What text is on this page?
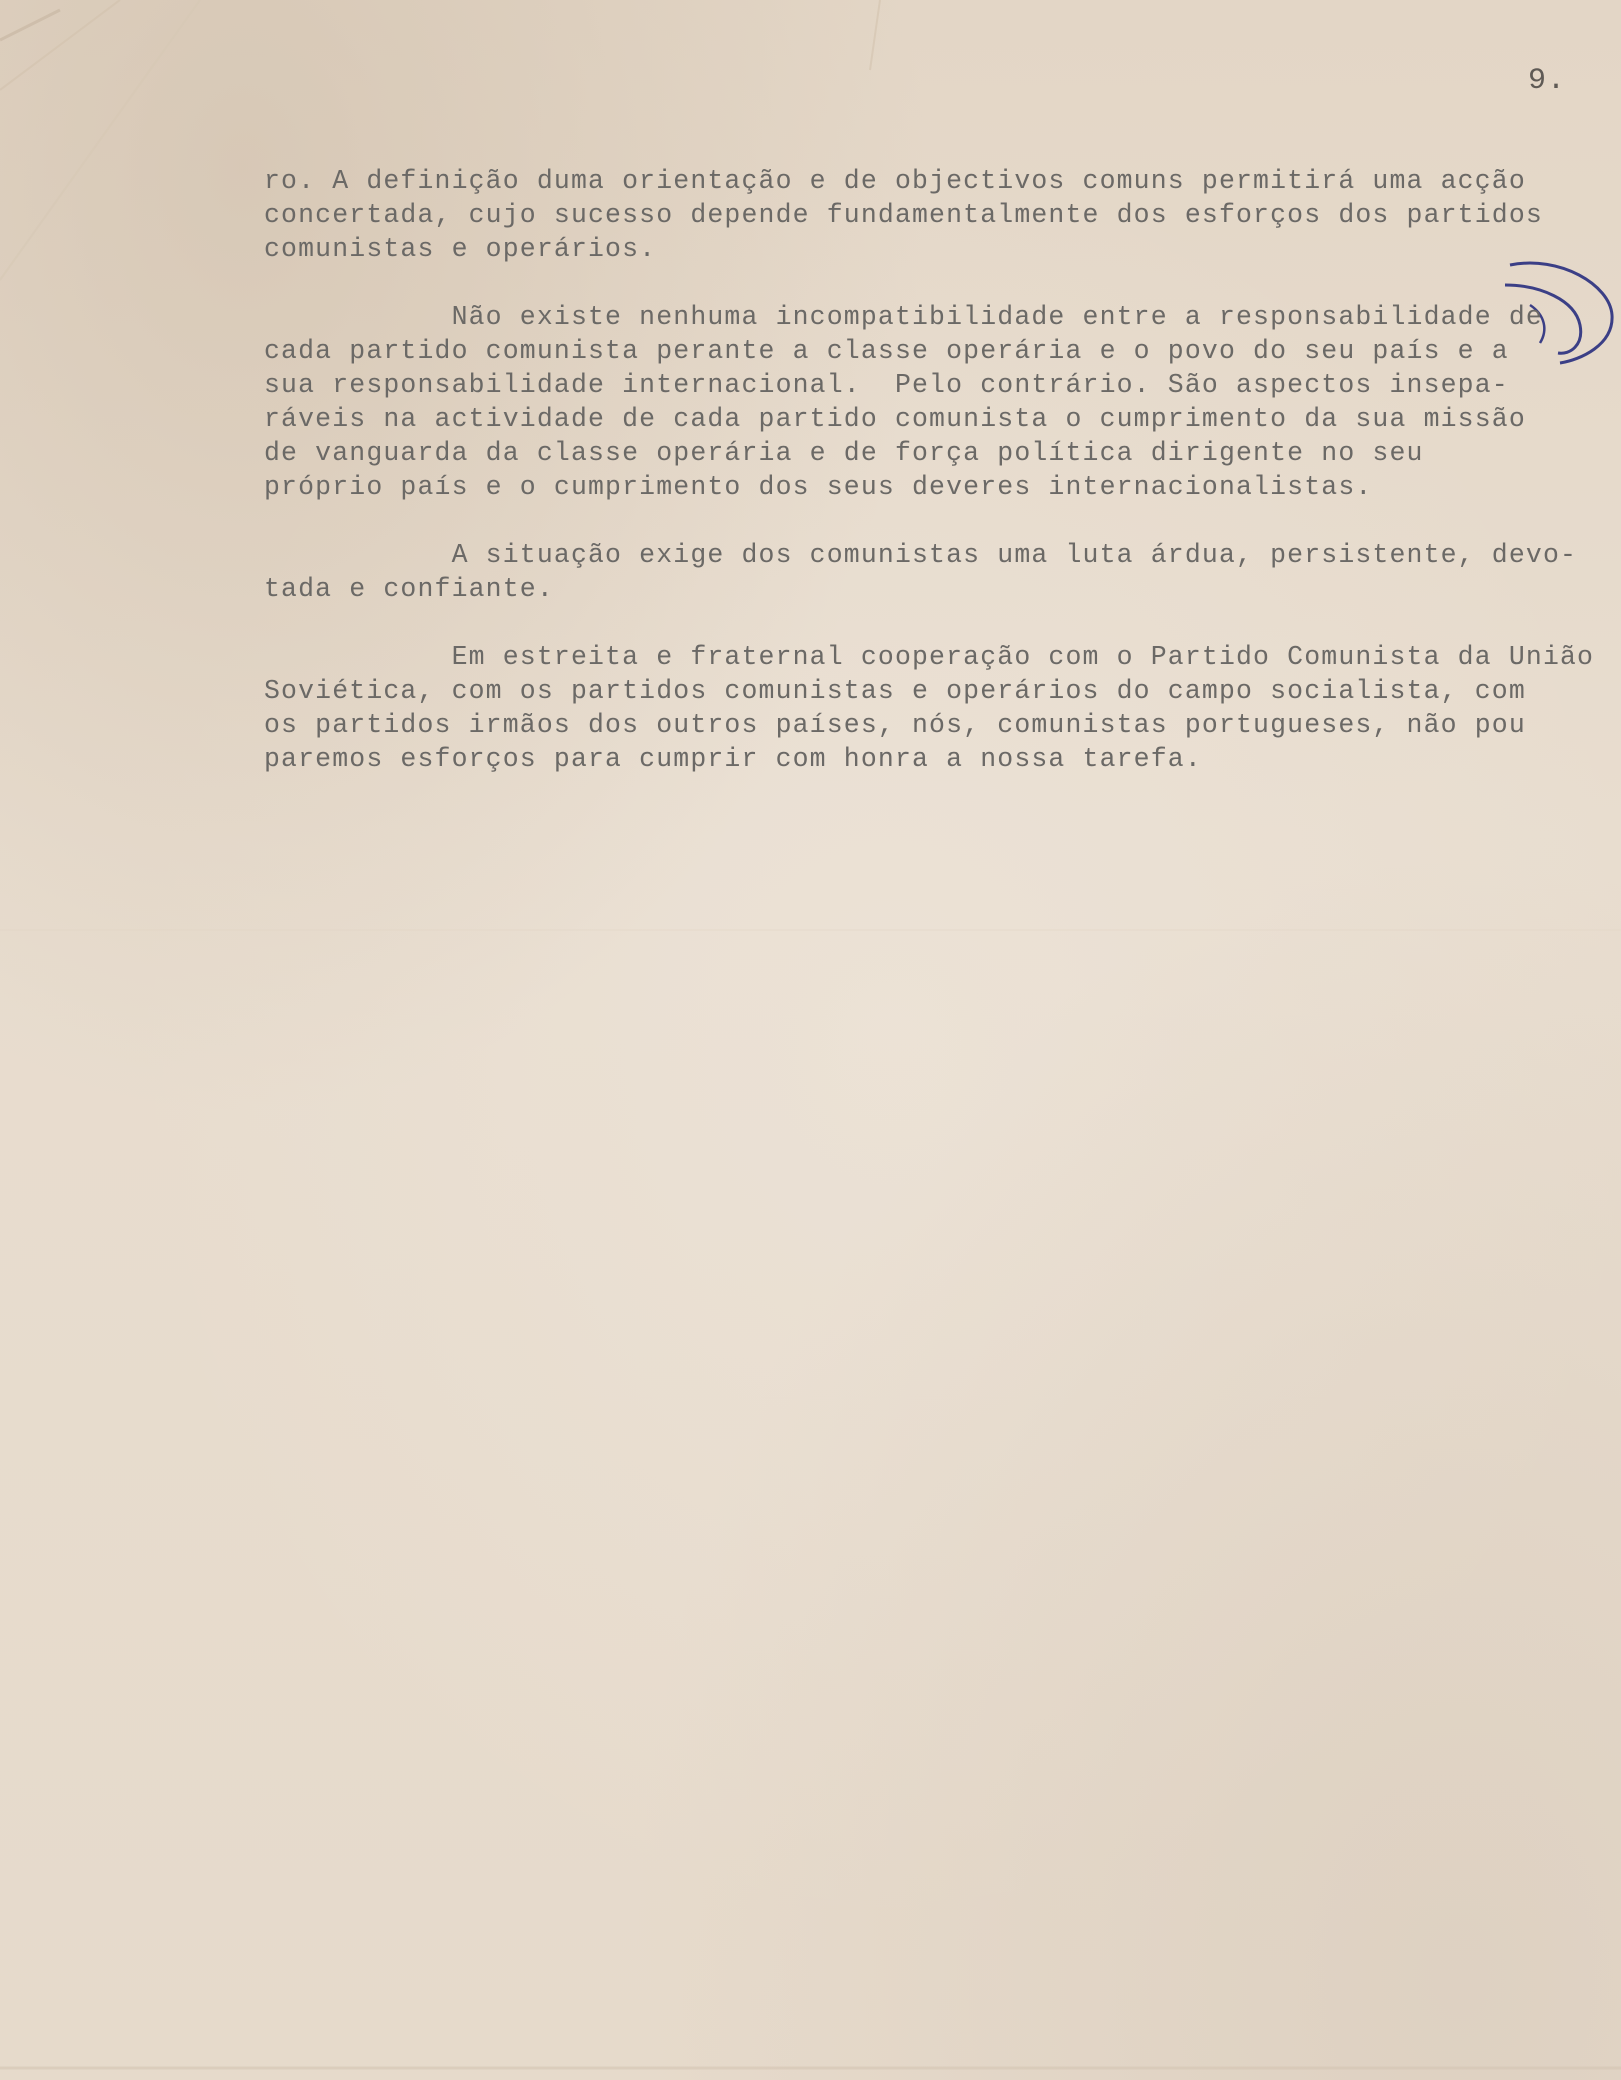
9.
ro. A definição duma orientação e de objectivos comuns permitirá uma acção
concertada, cujo sucesso depende fundamentalmente dos esforços dos partidos
comunistas e operários.
Não existe nenhuma incompatibilidade entre a responsabilidade de
cada partido comunista perante a classe operária e o povo do seu país e a
sua responsabilidade internacional.  Pelo contrário. São aspectos insepa-
ráveis na actividade de cada partido comunista o cumprimento da sua missão
de vanguarda da classe operária e de força política dirigente no seu
próprio país e o cumprimento dos seus deveres internacionalistas.
A situação exige dos comunistas uma luta árdua, persistente, devo-
tada e confiante.
Em estreita e fraternal cooperação com o Partido Comunista da União
Soviética, com os partidos comunistas e operários do campo socialista, com
os partidos irmãos dos outros países, nós, comunistas portugueses, não pou
paremos esforços para cumprir com honra a nossa tarefa.
